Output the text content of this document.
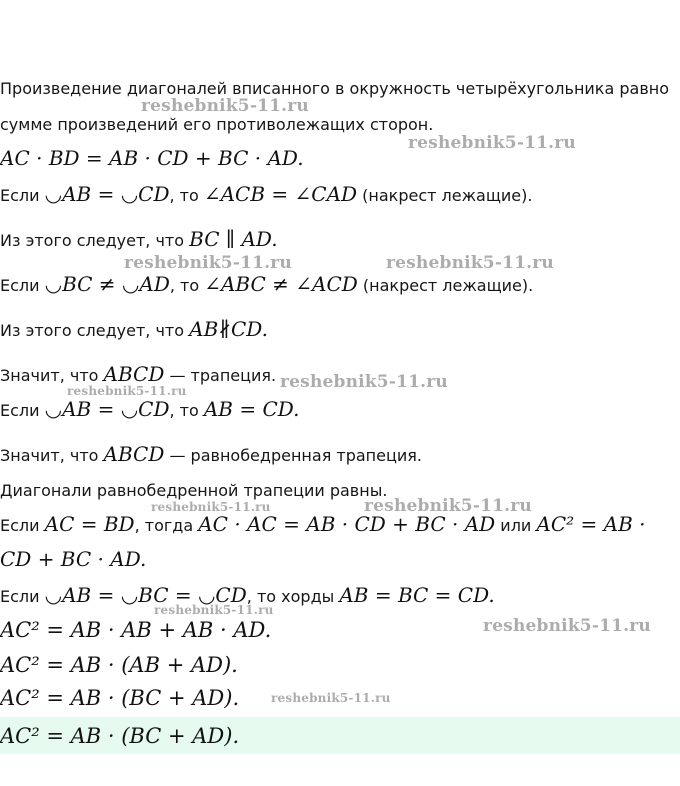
Произведение диагоналей вписанного в окружность четырёхугольника равно
сумме произведений его противолежащих сторон.
AC · BD = AB · CD + BC · AD.
Если ◡AB = ◡CD, то ∠ACB = ∠CAD (накрест лежащие).
Из этого следует, что BC ∥ AD.
Если ◡BC ≠ ◡AD, то ∠ABC ≠ ∠ACD (накрест лежащие).
Из этого следует, что AB∦CD.
Значит, что ABCD — трапеция.
Если ◡AB = ◡CD, то AB = CD.
Значит, что ABCD — равнобедренная трапеция.
Диагонали равнобедренной трапеции равны.
Если AC = BD, тогда AC · AC = AB · CD + BC · AD или AC² = AB ·
CD + BC · AD.
Если ◡AB = ◡BC = ◡CD, то хорды AB = BC = CD.
AC² = AB · AB + AB · AD.
AC² = AB · (AB + AD).
AC² = AB · (BC + AD).
AC² = AB · (BC + AD).
reshebnik5-11.ru
reshebnik5-11.ru
reshebnik5-11.ru	reshebnik5-11.ru
reshebnik5-11.ru	reshebnik5-11.ru
reshebnik5-11.ru
reshebnik5-11.ru
reshebnik5-11.ru
reshebnik5-11.ru
reshebnik5-11.ru
